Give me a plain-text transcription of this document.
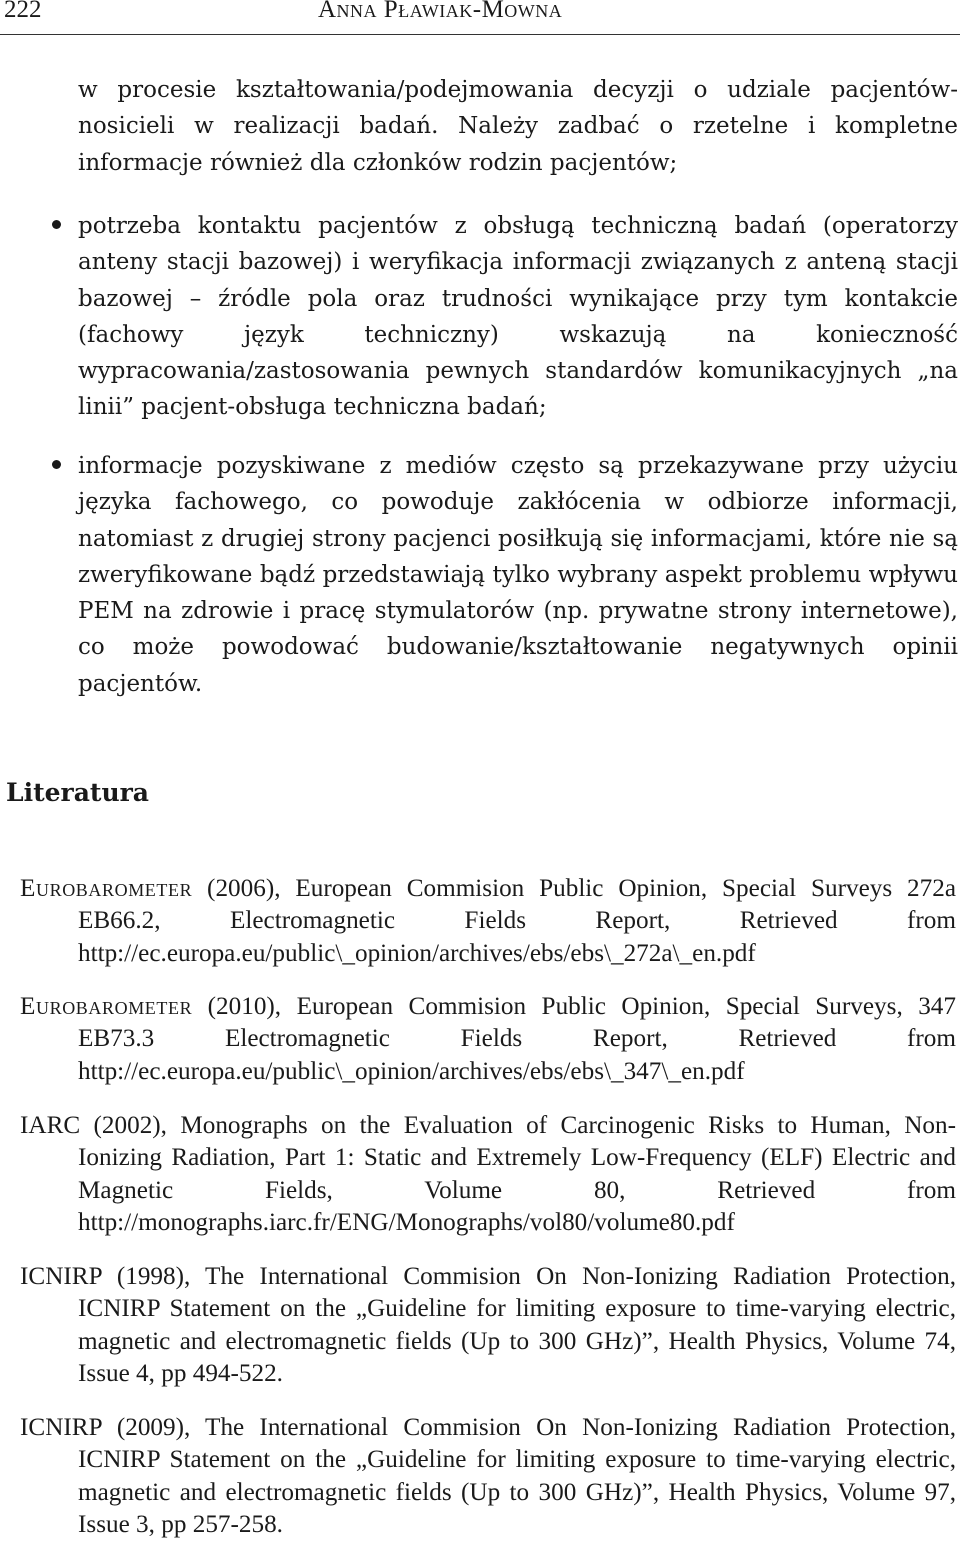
222	Anna Pławiak-Mowna

w procesie kształtowania/podejmowania decyzji o udziale pacjentów-nosicieli w realizacji badań. Należy zadbać o rzetelne i kompletne informacje również dla członków rodzin pacjentów;

potrzeba kontaktu pacjentów z obsługą techniczną badań (operatorzy anteny stacji bazowej) i weryfikacja informacji związanych z anteną stacji bazowej – źródle pola oraz trudności wynikające przy tym kontakcie (fachowy język techniczny) wskazują na konieczność wypracowania/zastosowania pewnych standardów komunikacyjnych „na linii” pacjent-obsługa techniczna badań;

informacje pozyskiwane z mediów często są przekazywane przy użyciu języka fachowego, co powoduje zakłócenia w odbiorze informacji, natomiast z drugiej strony pacjenci posiłkują się informacjami, które nie są zweryfikowane bądź przedstawiają tylko wybrany aspekt problemu wpływu PEM na zdrowie i pracę stymulatorów (np. prywatne strony internetowe), co może powodować budowanie/kształtowanie negatywnych opinii pacjentów.

Literatura
Eurobarometer (2006), European Commision Public Opinion, Special Surveys 272a EB66.2, Electromagnetic Fields Report, Retrieved from http://ec.europa.eu/public\_opinion/archives/ebs/ebs\_272a\_en.pdf
Eurobarometer (2010), European Commision Public Opinion, Special Surveys, 347 EB73.3 Electromagnetic Fields Report, Retrieved from http://ec.europa.eu/public\_opinion/archives/ebs/ebs\_347\_en.pdf
IARC (2002), Monographs on the Evaluation of Carcinogenic Risks to Human, Non-Ionizing Radiation, Part 1: Static and Extremely Low-Frequency (ELF) Electric and Magnetic Fields, Volume 80, Retrieved from http://monographs.iarc.fr/ENG/Monographs/vol80/volume80.pdf
ICNIRP (1998), The International Commision On Non-Ionizing Radiation Protection, ICNIRP Statement on the „Guideline for limiting exposure to time-varying electric, magnetic and electromagnetic fields (Up to 300 GHz)”, Health Physics, Volume 74, Issue 4, pp 494-522.
ICNIRP (2009), The International Commision On Non-Ionizing Radiation Protection, ICNIRP Statement on the „Guideline for limiting exposure to time-varying electric, magnetic and electromagnetic fields (Up to 300 GHz)”, Health Physics, Volume 97, Issue 3, pp 257-258.
